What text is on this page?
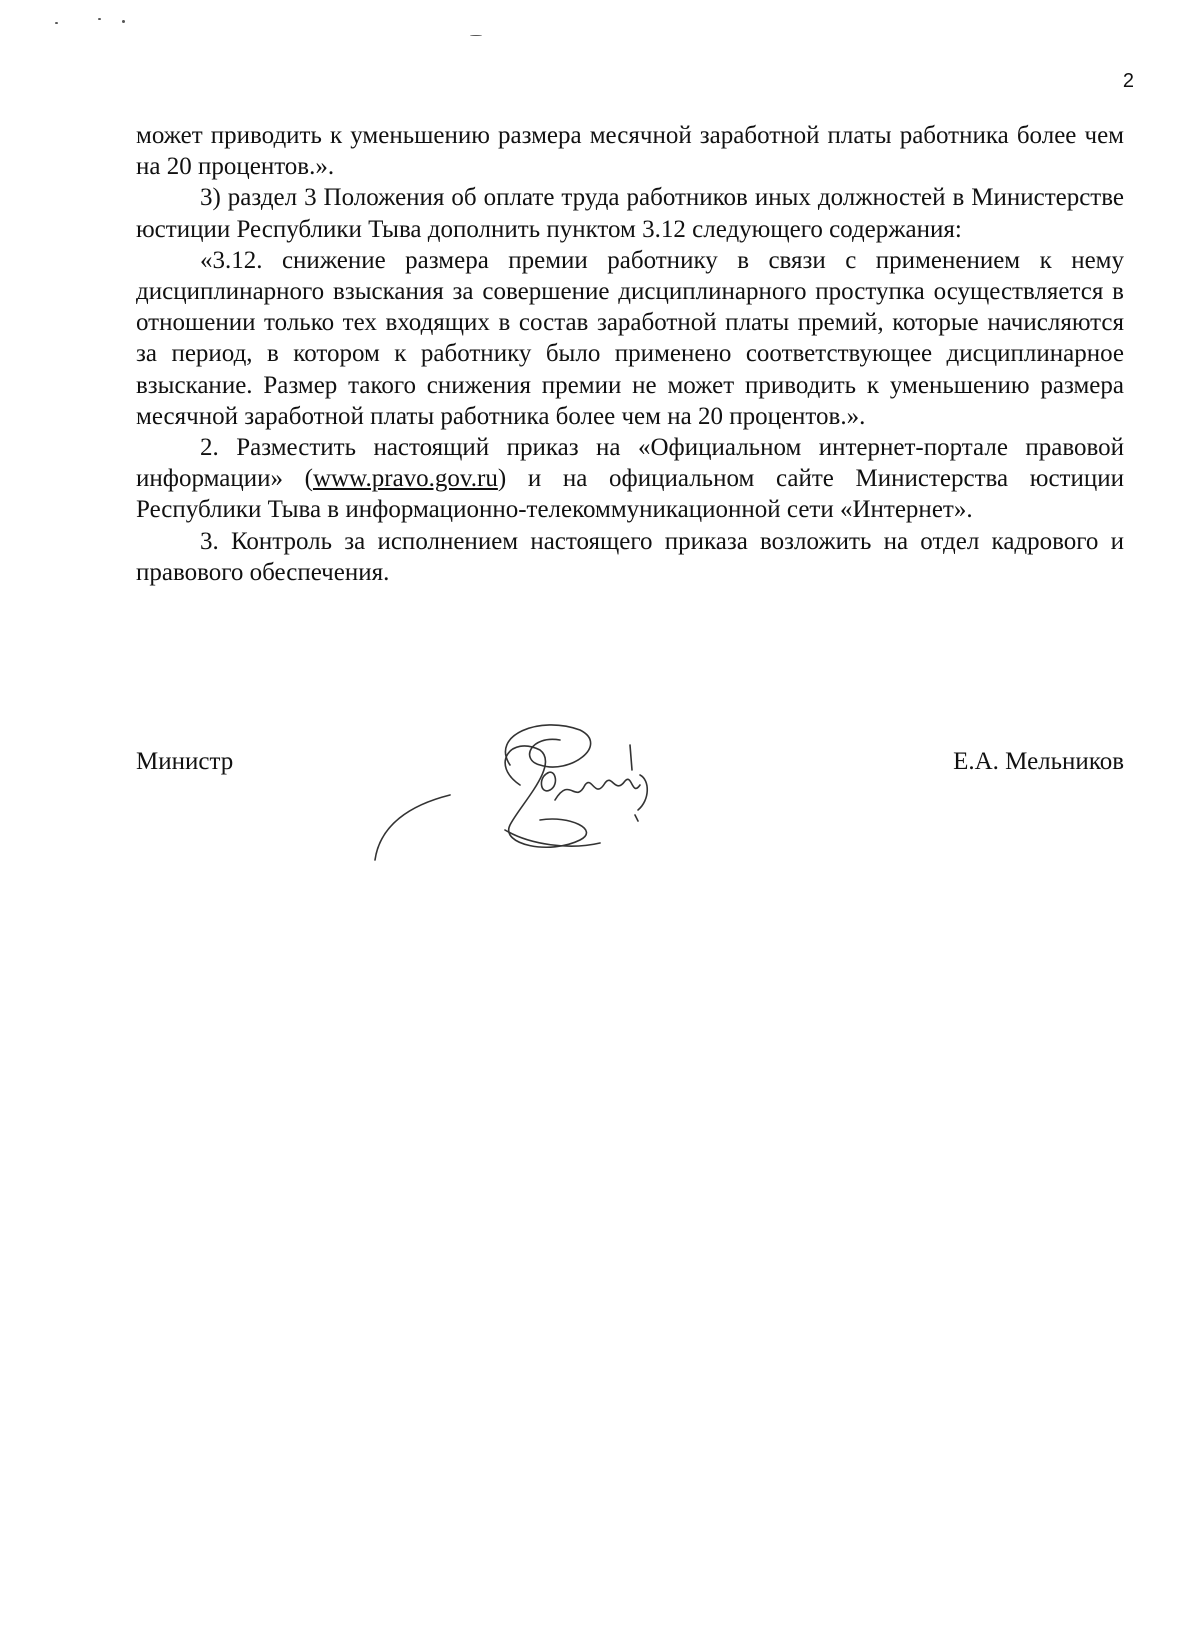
2

может приводить к уменьшению размера месячной заработной платы работника более чем на 20 процентов.».

3) раздел 3 Положения об оплате труда работников иных должностей в Министерстве юстиции Республики Тыва дополнить пунктом 3.12 следующего содержания:

«3.12. снижение размера премии работнику в связи с применением к нему дисциплинарного взыскания за совершение дисциплинарного проступка осуществляется в отношении только тех входящих в состав заработной платы премий, которые начисляются за период, в котором к работнику было применено соответствующее дисциплинарное взыскание. Размер такого снижения премии не может приводить к уменьшению размера месячной заработной платы работника более чем на 20 процентов.».

2. Разместить настоящий приказ на «Официальном интернет-портале правовой информации» (www.pravo.gov.ru) и на официальном сайте Министерства юстиции Республики Тыва в информационно-телекоммуникационной сети «Интернет».

3. Контроль за исполнением настоящего приказа возложить на отдел кадрового и правового обеспечения.

Министр	Е.А. Мельников
